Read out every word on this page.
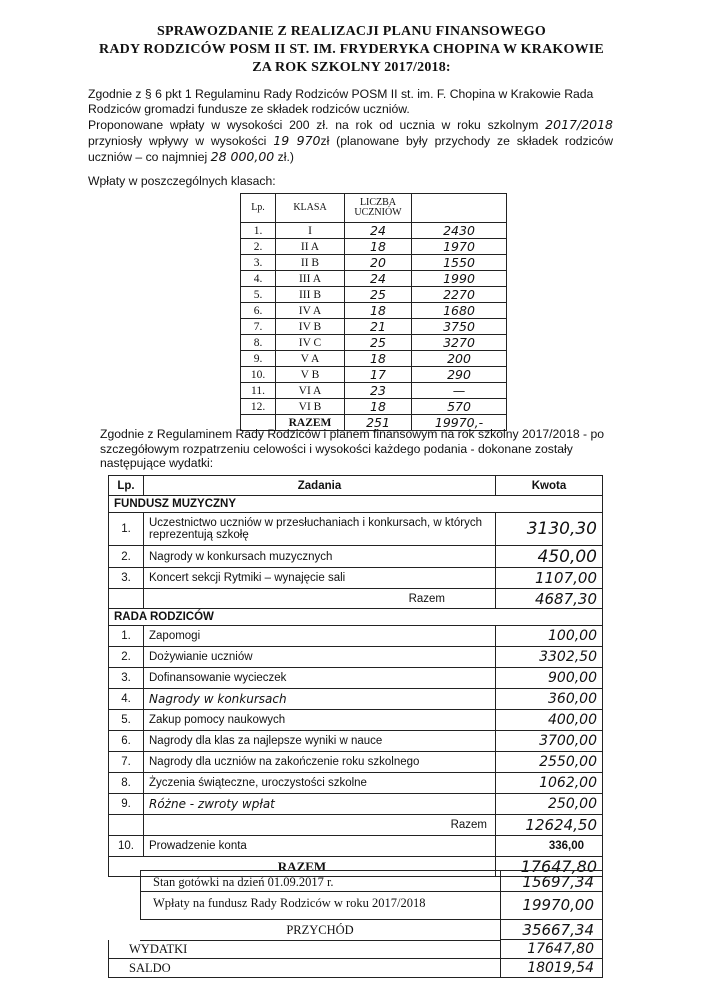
SPRAWOZDANIE Z REALIZACJI PLANU FINANSOWEGO
RADY RODZICÓW POSM II ST. IM. FRYDERYKA CHOPINA W KRAKOWIE
ZA ROK SZKOLNY 2017/2018:
Zgodnie z § 6 pkt 1 Regulaminu Rady Rodziców POSM II st. im. F. Chopina w Krakowie Rada Rodziców gromadzi fundusze ze składek rodziców uczniów.
Proponowane wpłaty w wysokości 200 zł. na rok od ucznia w roku szkolnym 2017/2018 przyniosły wpływy w wysokości 19 970zł (planowane były przychody ze składek rodziców uczniów – co najmniej 28 000,00 zł.)
Wpłaty w poszczególnych klasach:
Lp.	KLASA	LICZBA UCZNIÓW	
1.	I	24	2430
2.	II A	18	1970
3.	II B	20	1550
4.	III A	24	1990
5.	III B	25	2270
6.	IV A	18	1680
7.	IV B	21	3750
8.	IV C	25	3270
9.	V A	18	200
10.	V B	17	290
11.	VI A	23	—
12.	VI B	18	570
	RAZEM	251	19970,-
Zgodnie z Regulaminem Rady Rodziców i planem finansowym na rok szkolny 2017/2018 - po szczegółowym rozpatrzeniu celowości i wysokości każdego podania - dokonane zostały następujące wydatki:
Lp.	Zadania	Kwota
FUNDUSZ MUZYCZNY		
1.	Uczestnictwo uczniów w przesłuchaniach i konkursach, w których reprezentują szkołę	3130,30
2.	Nagrody w konkursach muzycznych	450,00
3.	Koncert sekcji Rytmiki – wynajęcie sali	1107,00
	Razem	4687,30
RADA RODZICÓW		
1.	Zapomogi	100,00
2.	Dożywianie uczniów	3302,50
3.	Dofinansowanie wycieczek	900,00
4.	Nagrody w konkursach	360,00
5.	Zakup pomocy naukowych	400,00
6.	Nagrody dla klas za najlepsze wyniki w nauce	3700,00
7.	Nagrody dla uczniów na zakończenie roku szkolnego	2550,00
8.	Życzenia świąteczne, uroczystości szkolne	1062,00
9.	Różne - zwroty wpłat	250,00
	Razem	12624,50
10.	Prowadzenie konta	336,00
RAZEM		17647,80
Stan gotówki na dzień 01.09.2017 r.	15697,34
Wpłaty na fundusz Rady Rodziców w roku 2017/2018	19970,00
PRZYCHÓD	35667,34
WYDATKI	17647,80
SALDO	18019,54
